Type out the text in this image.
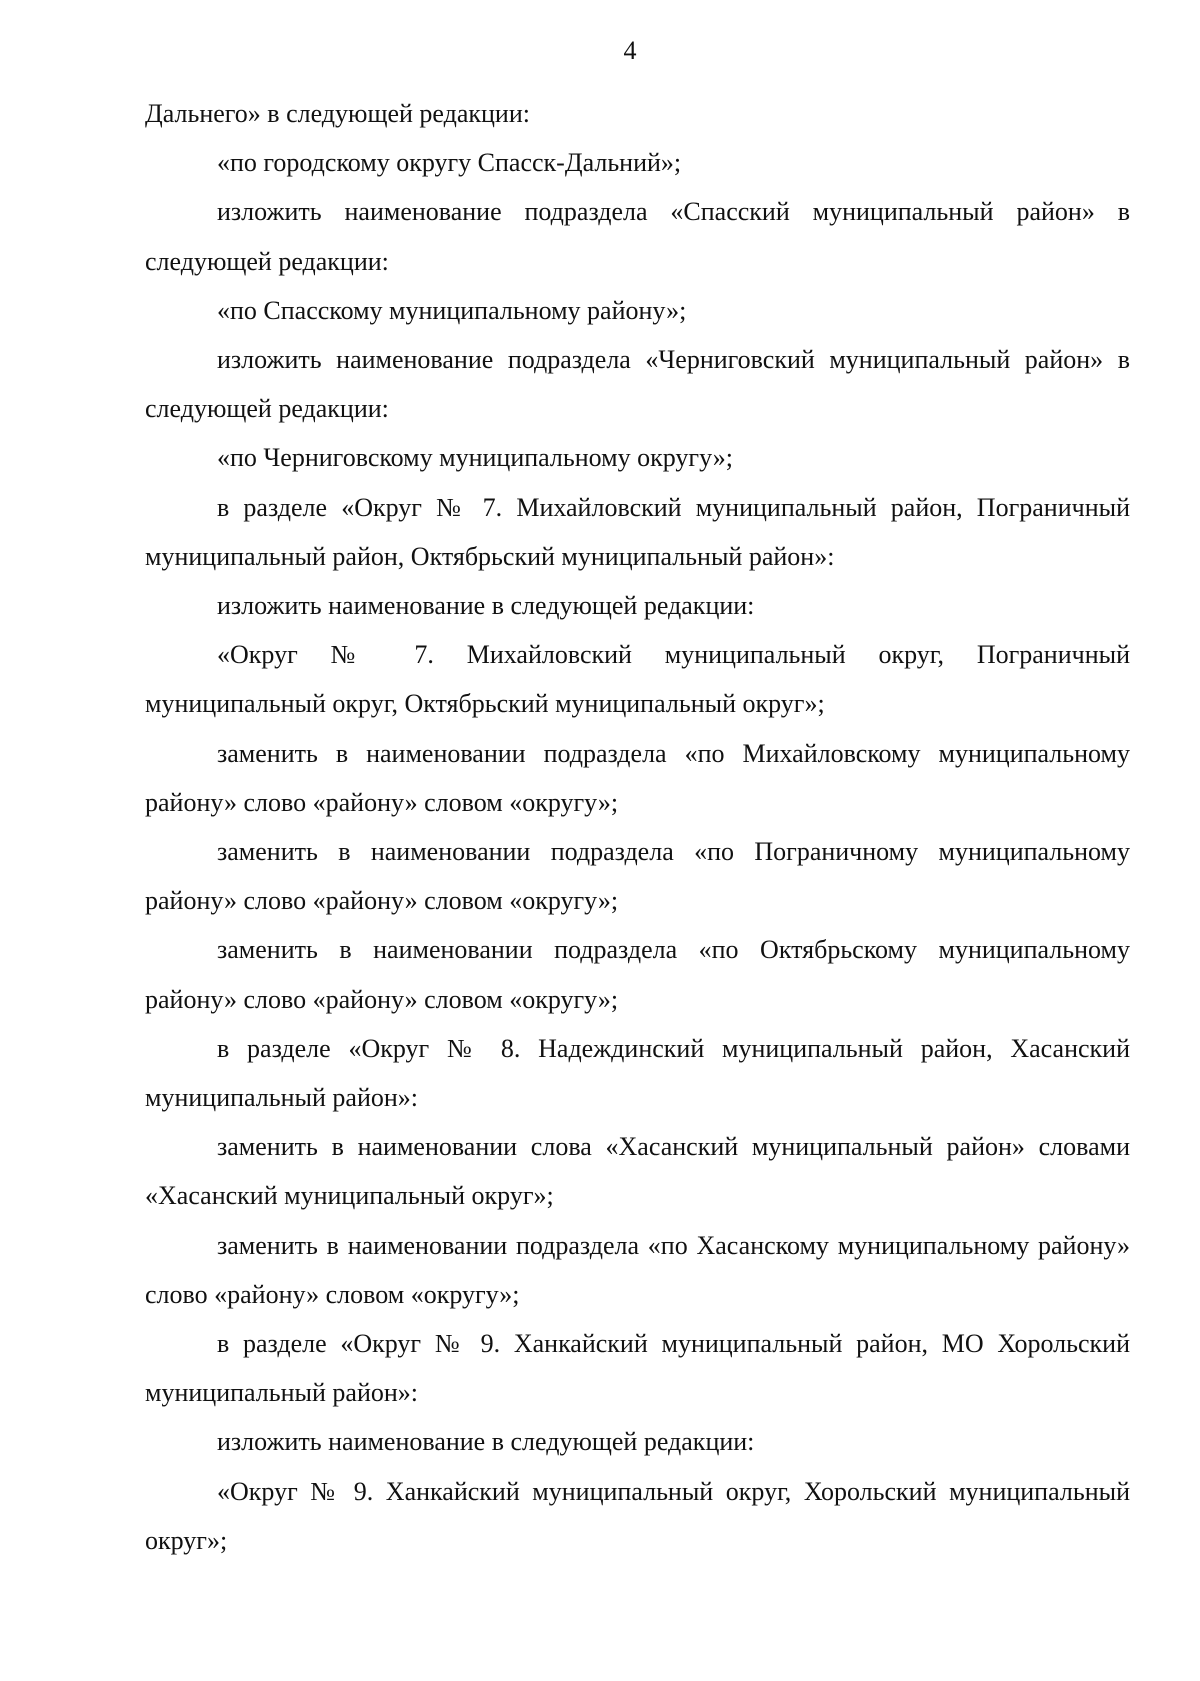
4

Дальнего» в следующей редакции:

«по городскому округу Спасск-Дальний»;

изложить наименование подраздела «Спасский муниципальный район» в следующей редакции:

«по Спасскому муниципальному району»;

изложить наименование подраздела «Черниговский муниципальный район» в следующей редакции:

«по Черниговскому муниципальному округу»;

в разделе «Округ № 7. Михайловский муниципальный район, Пограничный муниципальный район, Октябрьский муниципальный район»:

изложить наименование в следующей редакции:

«Округ № 7. Михайловский муниципальный округ, Пограничный муниципальный округ, Октябрьский муниципальный округ»;

заменить в наименовании подраздела «по Михайловскому муниципальному району» слово «району» словом «округу»;

заменить в наименовании подраздела «по Пограничному муниципальному району» слово «району» словом «округу»;

заменить в наименовании подраздела «по Октябрьскому муниципальному району» слово «району» словом «округу»;

в разделе «Округ № 8. Надеждинский муниципальный район, Хасанский муниципальный район»:

заменить в наименовании слова «Хасанский муниципальный район» словами «Хасанский муниципальный округ»;

заменить в наименовании подраздела «по Хасанскому муниципальному району» слово «району» словом «округу»;

в разделе «Округ № 9. Ханкайский муниципальный район, МО Хорольский муниципальный район»:

изложить наименование в следующей редакции:

«Округ № 9. Ханкайский муниципальный округ, Хорольский муниципальный округ»;
